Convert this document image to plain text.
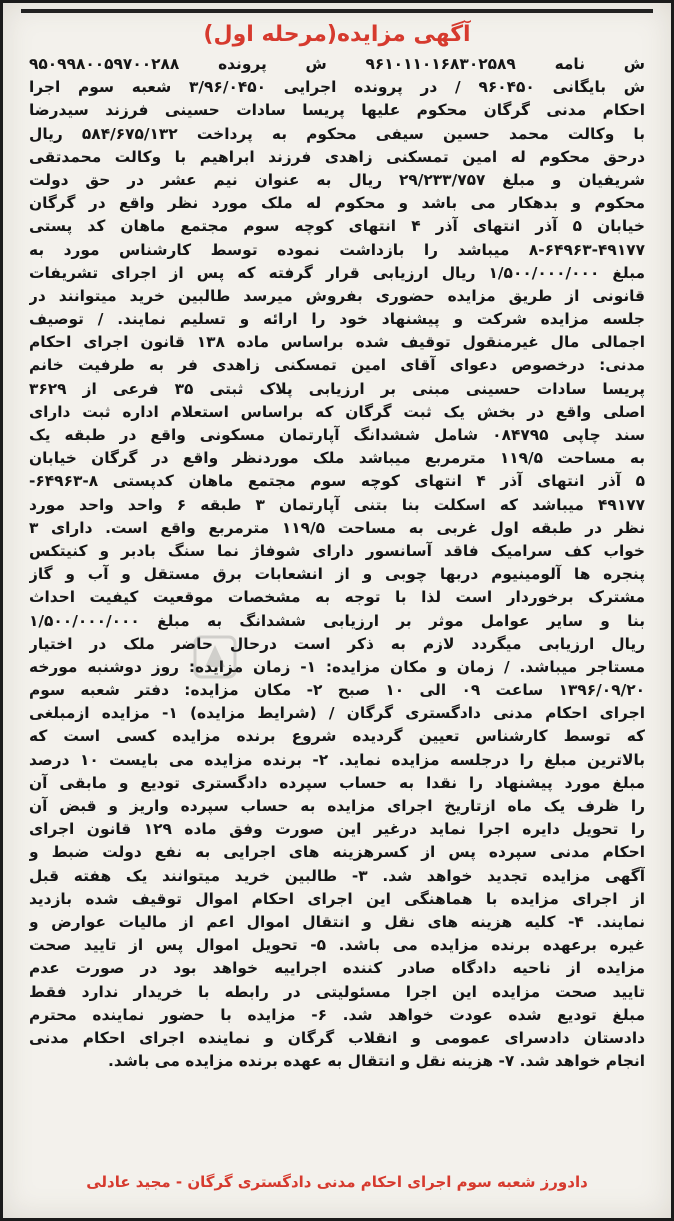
آگهی مزایده(مرحله اول)
ش نامه ۹۶۱۰۱۱۰۱۶۸۳۰۲۵۸۹ ش پرونده ۹۵۰۹۹۸۰۰۵۹۷۰۰۲۸۸
ش بایگانی ۹۶۰۴۵۰ / در پرونده اجرایی ۳/۹۶/۰۴۵۰ شعبه سوم اجرا
احکام مدنی گرگان محکوم علیها پریسا سادات حسینی فرزند سیدرضا
با وکالت محمد حسین سیفی محکوم به پرداخت ۵۸۴/۶۷۵/۱۳۲ ریال
درحق محکوم له امین تمسکنی زاهدی فرزند ابراهیم با وکالت محمدتقی
شریفیان و مبلغ ۲۹/۲۳۳/۷۵۷ ریال به عنوان نیم عشر در حق دولت
محکوم و بدهکار می باشد و محکوم له ملک مورد نظر واقع در گرگان
خیابان ۵ آذر انتهای آذر ۴ انتهای کوچه سوم مجتمع ماهان کد پستی
۸-۶۴۹۶۳-۴۹۱۷۷ میباشد را بازداشت نموده توسط کارشناس مورد به
مبلغ ۱/۵۰۰/۰۰۰/۰۰۰ ریال ارزیابی قرار گرفته که پس از اجرای تشریفات
قانونی از طریق مزایده حضوری بفروش میرسد طالبین خرید میتوانند در
جلسه مزایده شرکت و پیشنهاد خود را ارائه و تسلیم نمایند. / توصیف
اجمالی مال غیرمنقول توقیف شده براساس ماده ۱۳۸ قانون اجرای احکام
مدنی: درخصوص دعوای آقای امین تمسکنی زاهدی فر به طرفیت خانم
پریسا سادات حسینی مبنی بر ارزیابی پلاک ثبتی ۳۵ فرعی از ۳۶۲۹
اصلی واقع در بخش یک ثبت گرگان که براساس استعلام اداره ثبت دارای
سند چاپی ۰۸۴۷۹۵ شامل ششدانگ آپارتمان مسکونی واقع در طبقه یک
به مساحت ۱۱۹/۵ مترمربع میباشد ملک موردنظر واقع در گرگان خیابان
۵ آذر انتهای آذر ۴ انتهای کوچه سوم مجتمع ماهان کدپستی ۸-۶۴۹۶۳-
۴۹۱۷۷ میباشد که اسکلت بنا بتنی آپارتمان ۳ طبقه ۶ واحد واحد مورد
نظر در طبقه اول غربی به مساحت ۱۱۹/۵ مترمربع واقع است. دارای ۳
خواب کف سرامیک فاقد آسانسور دارای شوفاژ نما سنگ بادبر و کنیتکس
پنجره ها آلومینیوم دربها چوبی و از انشعابات برق مستقل و آب و گاز
مشترک برخوردار است لذا با توجه به مشخصات موقعیت کیفیت احداث
بنا و سایر عوامل موثر بر ارزیابی ششدانگ به مبلغ ۱/۵۰۰/۰۰۰/۰۰۰
ریال ارزیابی میگردد لازم به ذکر است درحال حاضر ملک در اختیار
مستاجر میباشد. / زمان و مکان مزایده: ۱- زمان مزایده: روز دوشنبه مورخه
۱۳۹۶/۰۹/۲۰ ساعت ۰۹ الی ۱۰ صبح ۲- مکان مزایده: دفتر شعبه سوم
اجرای احکام مدنی دادگستری گرگان / (شرایط مزایده) ۱- مزایده ازمبلغی
که توسط کارشناس تعیین گردیده شروع برنده مزایده کسی است که
بالاترین مبلغ را درجلسه مزایده نماید. ۲- برنده مزایده می بایست ۱۰ درصد
مبلغ مورد پیشنهاد را نقدا به حساب سپرده دادگستری تودیع و مابقی آن
را ظرف یک ماه ازتاریخ اجرای مزایده به حساب سپرده واریز و قبض آن
را تحویل دایره اجرا نماید درغیر این صورت وفق ماده ۱۲۹ قانون اجرای
احکام مدنی سپرده پس از کسرهزینه های اجرایی به نفع دولت ضبط و
آگهی مزایده تجدید خواهد شد. ۳- طالبین خرید میتوانند یک هفته قبل
از اجرای مزایده با هماهنگی این اجرای احکام اموال توقیف شده بازدید
نمایند. ۴- کلیه هزینه های نقل و انتقال اموال اعم از مالیات عوارض و
غیره برعهده برنده مزایده می باشد. ۵- تحویل اموال پس از تایید صحت
مزایده از ناحیه دادگاه صادر کننده اجراییه خواهد بود در صورت عدم
تایید صحت مزایده این اجرا مسئولیتی در رابطه با خریدار ندارد فقط
مبلغ تودیع شده عودت خواهد شد. ۶- مزایده با حضور نماینده محترم
دادستان دادسرای عمومی و انقلاب گرگان و نماینده اجرای احکام مدنی
انجام خواهد شد. ۷- هزینه نقل و انتقال به عهده برنده مزایده می باشد.
دادورز شعبه سوم اجرای احکام مدنی دادگستری گرگان - مجید عادلی
